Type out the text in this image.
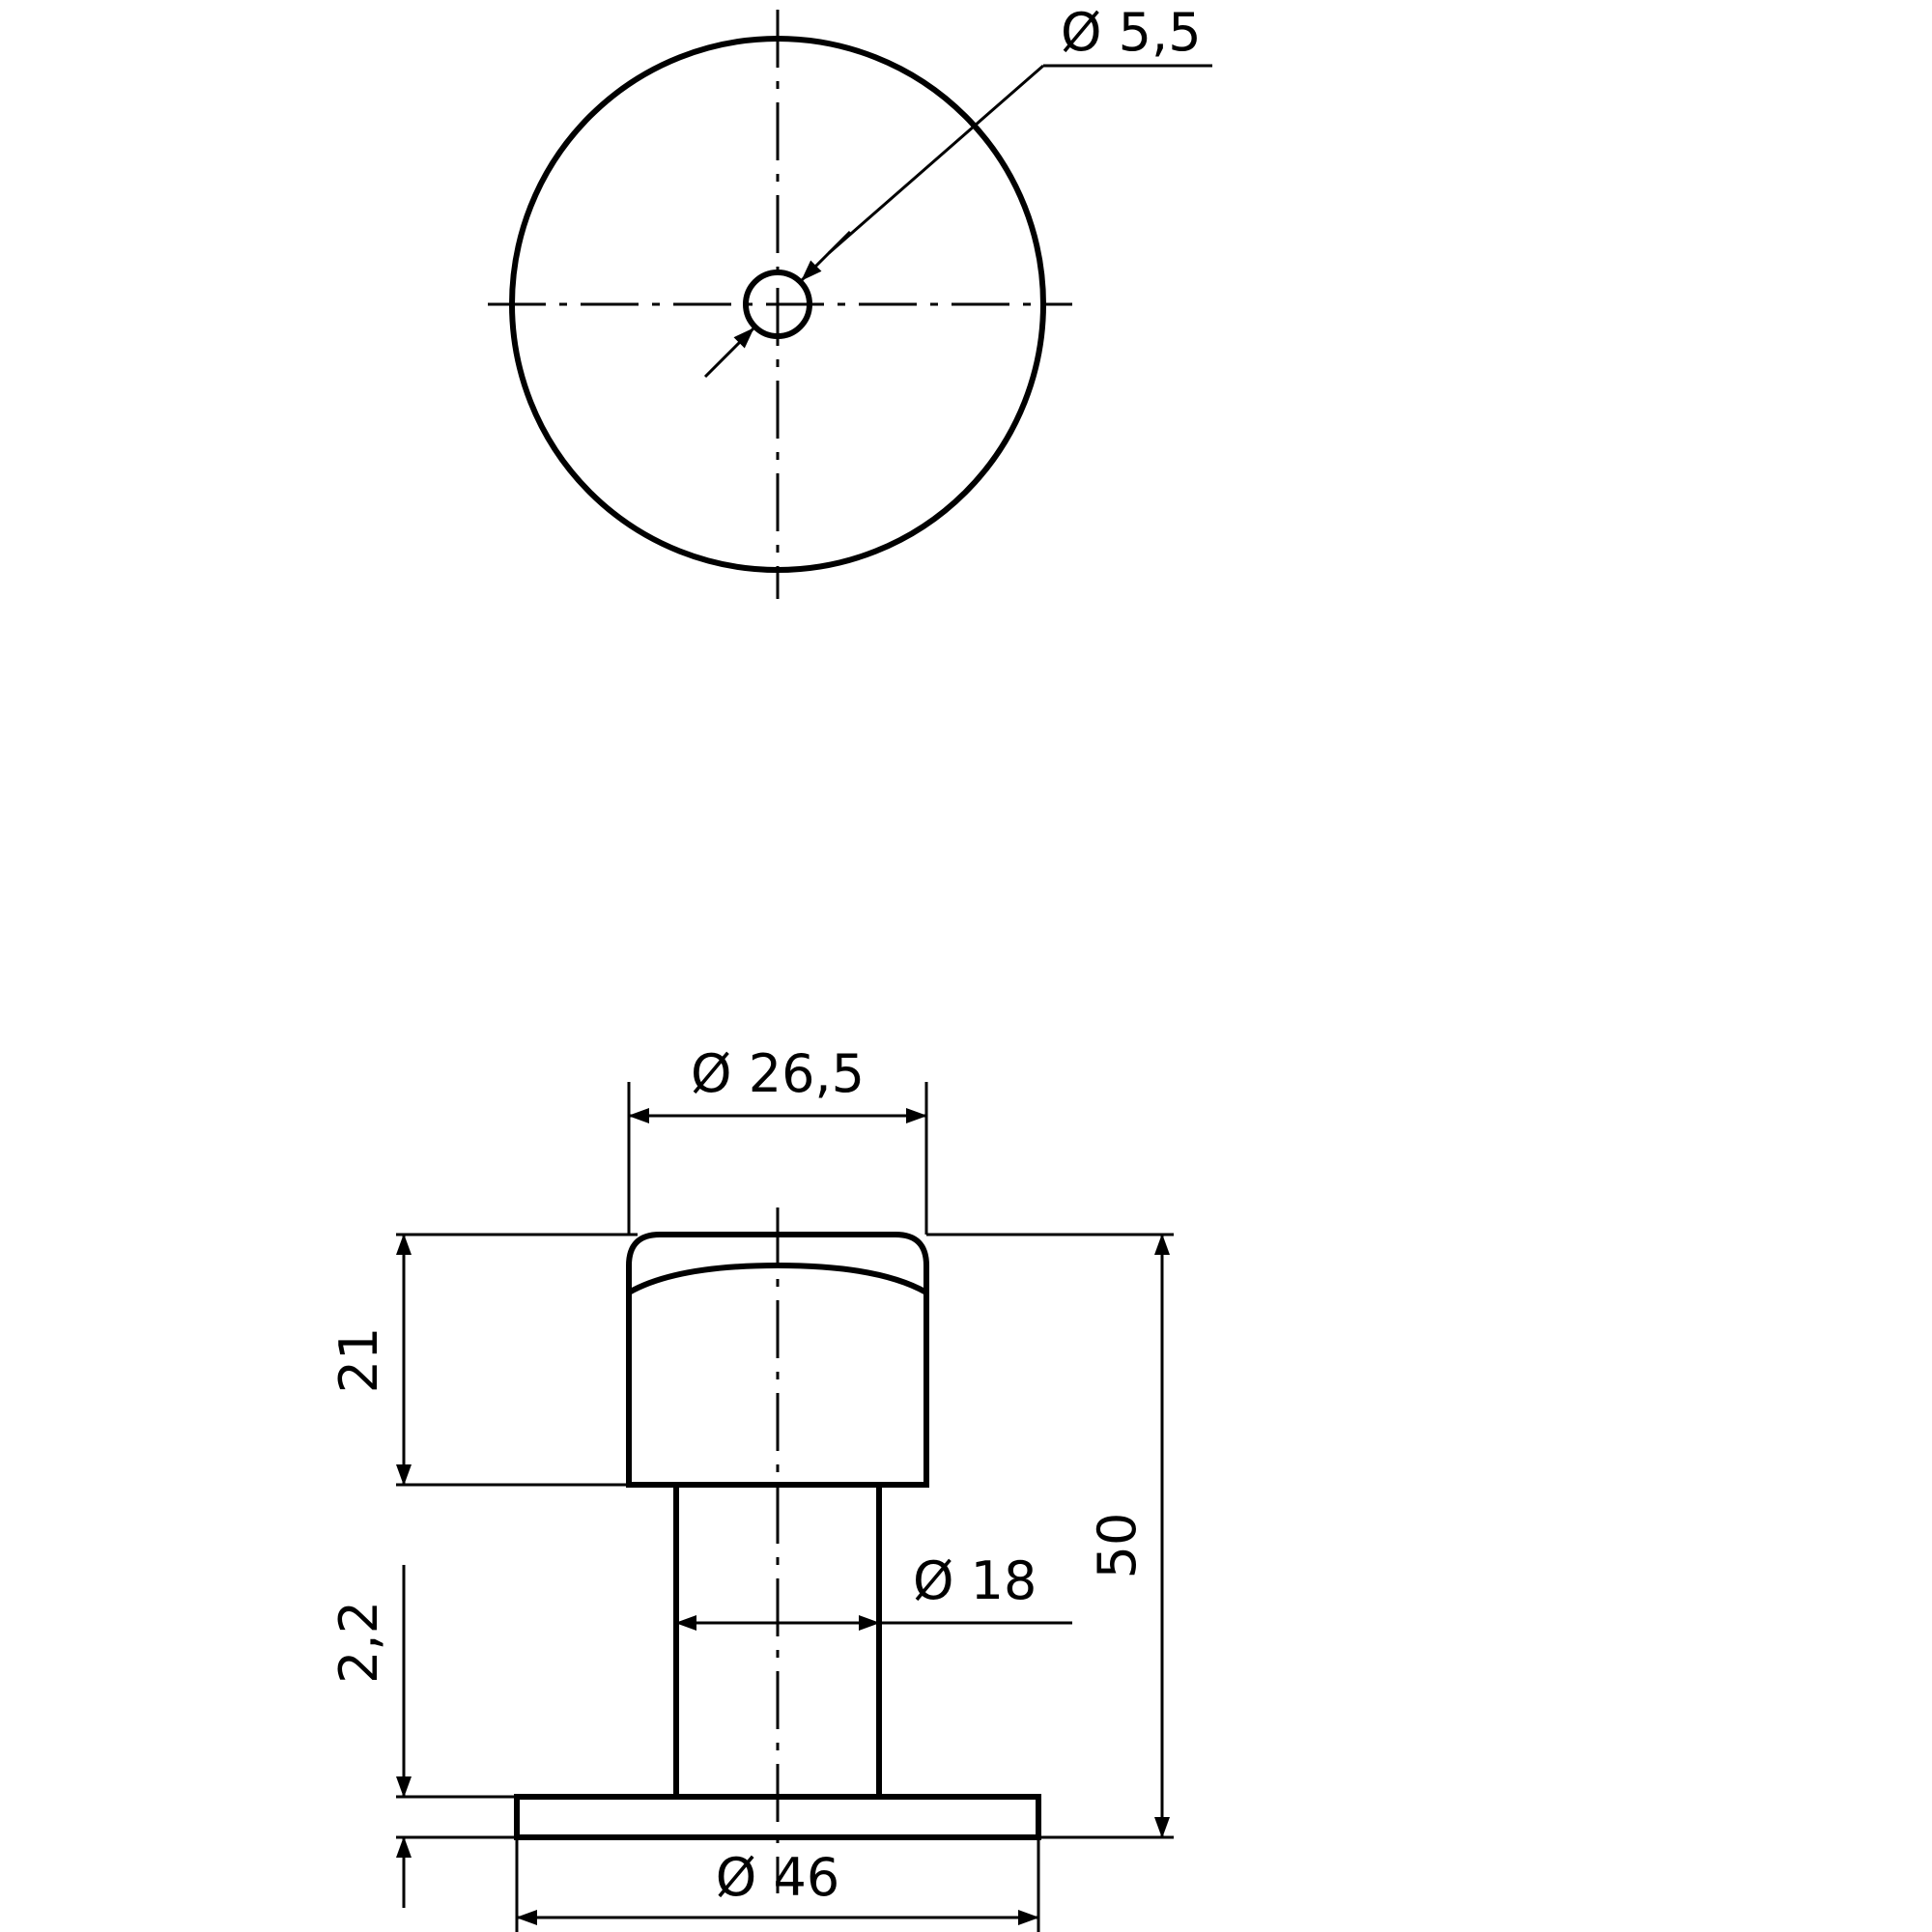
Ø 5,5
Ø 26,5
Ø 18
Ø 46
21
2,2
50
